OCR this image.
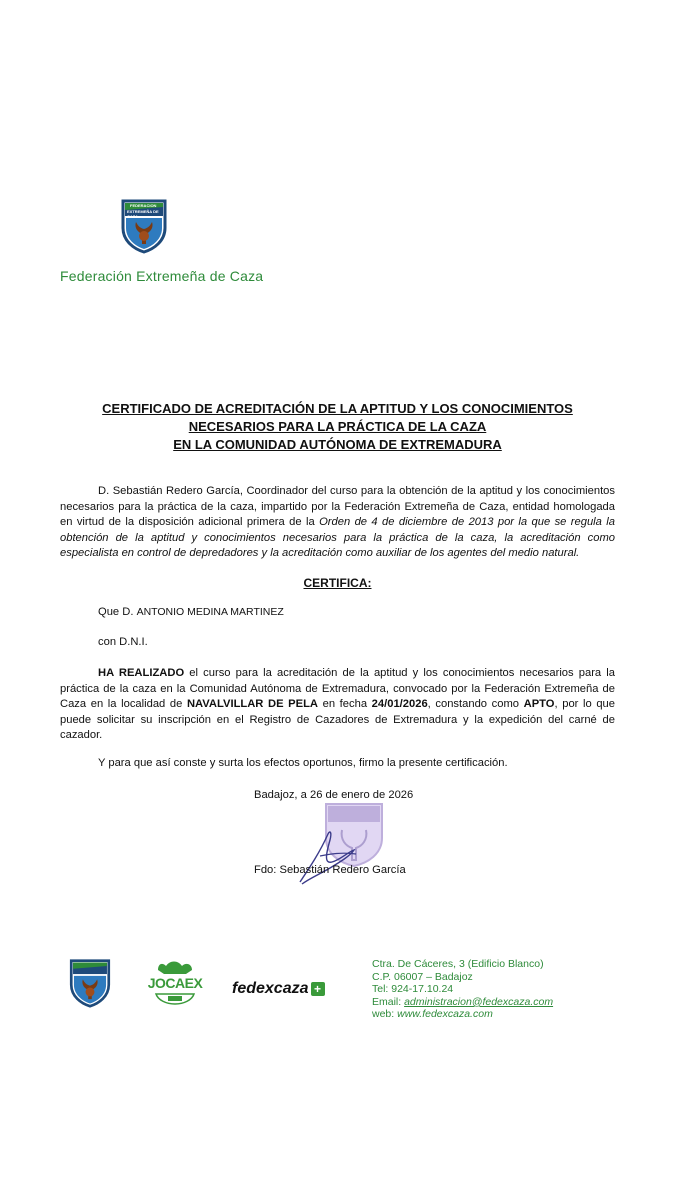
FEDERACION
EXTREMEÑA DE CAZA
Federación Extremeña de Caza
CERTIFICADO DE ACREDITACIÓN DE LA APTITUD Y LOS CONOCIMIENTOS
NECESARIOS PARA LA PRÁCTICA DE LA CAZA
EN LA COMUNIDAD AUTÓNOMA DE EXTREMADURA
D. Sebastián Redero García, Coordinador del curso para la obtención de la aptitud y los conocimientos necesarios para la práctica de la caza, impartido por la Federación Extremeña de Caza, entidad homologada en virtud de la disposición adicional primera de la Orden de 4 de diciembre de 2013 por la que se regula la obtención de la aptitud y conocimientos necesarios para la práctica de la caza, la acreditación como especialista en control de depredadores y la acreditación como auxiliar de los agentes del medio natural.
CERTIFICA:
Que D. ANTONIO MEDINA MARTINEZ
con D.N.I.
HA REALIZADO el curso para la acreditación de la aptitud y los conocimientos necesarios para la práctica de la caza en la Comunidad Autónoma de Extremadura, convocado por la Federación Extremeña de Caza en la localidad de NAVALVILLAR DE PELA en fecha 24/01/2026, constando como APTO, por lo que puede solicitar su inscripción en el Registro de Cazadores de Extremadura y la expedición del carné de cazador.
Y para que así conste y surta los efectos oportunos, firmo la presente certificación.
Badajoz, a 26 de enero de 2026
Fdo: Sebastián Redero García
JOCAEX fedexcaza +
Ctra. De Cáceres, 3 (Edificio Blanco)
C.P. 06007 – Badajoz
Tel: 924-17.10.24
Email: administracion@fedexcaza.com
web: www.fedexcaza.com
